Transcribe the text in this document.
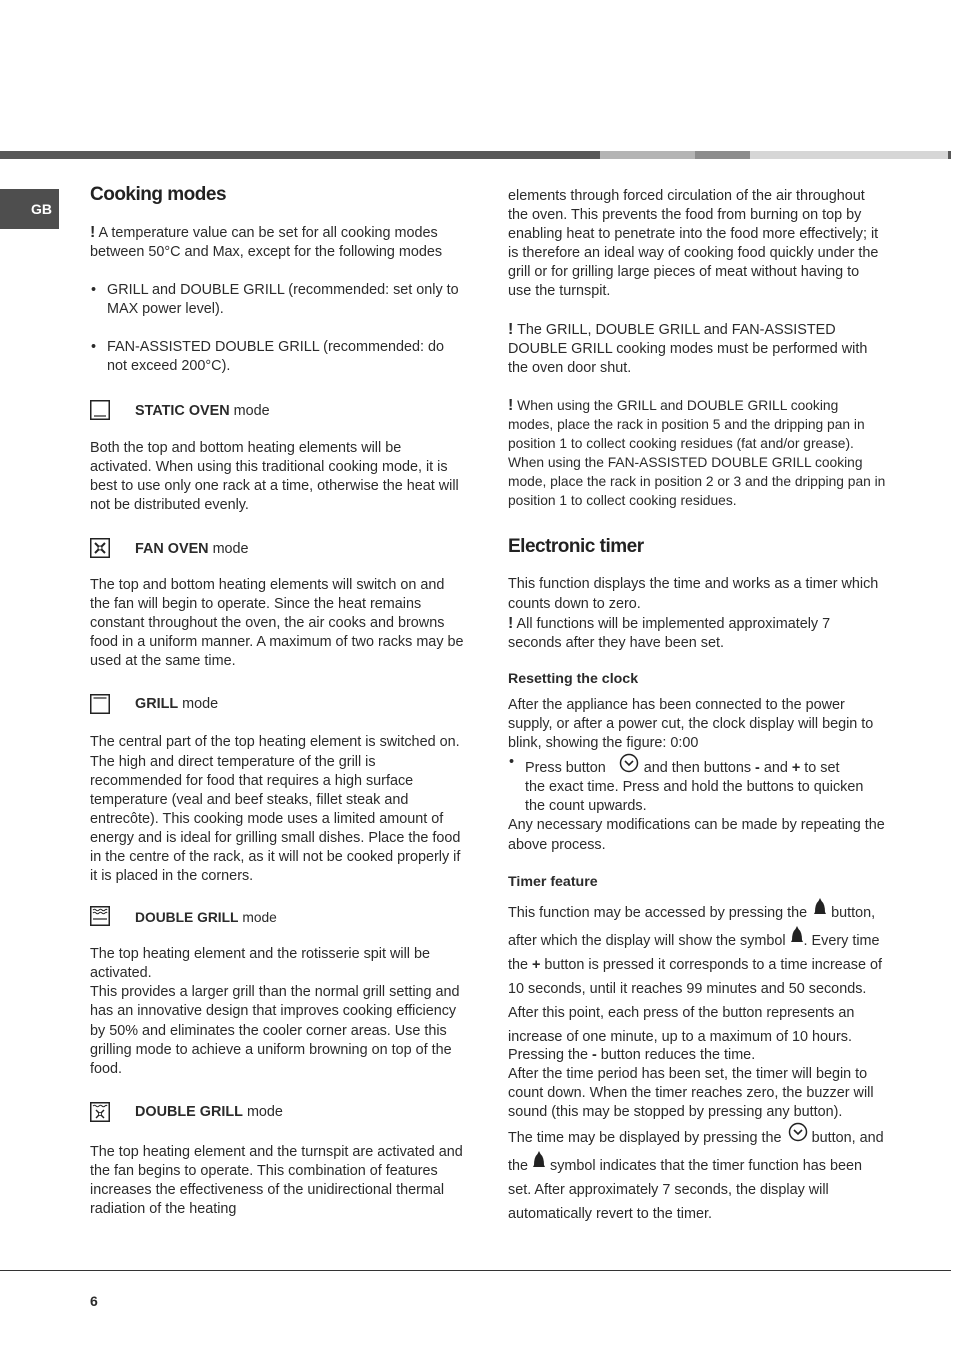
GB
Cooking modes

! A temperature value can be set for all cooking modes between 50°C and Max, except for the following modes

• GRILL and DOUBLE GRILL (recommended: set only to MAX power level).
• FAN-ASSISTED DOUBLE GRILL (recommended: do not exceed 200°C).
STATIC OVEN mode

Both the top and bottom heating elements will be activated. When using this traditional cooking mode, it is best to use only one rack at a time, otherwise the heat will not be distributed evenly.

FAN OVEN mode

The top and bottom heating elements will switch on and the fan will begin to operate. Since the heat remains constant throughout the oven, the air cooks and browns food in a uniform manner. A maximum of two racks may be used at the same time.

GRILL mode

The central part of the top heating element is switched on. The high and direct temperature of the grill is recommended for food that requires a high surface temperature (veal and beef steaks, fillet steak and entrecôte). This cooking mode uses a limited amount of energy and is ideal for grilling small dishes. Place the food in the centre of the rack, as it will not be cooked properly if it is placed in the corners.

DOUBLE GRILL mode

The top heating element and the rotisserie spit will be activated.

This provides a larger grill than the normal grill setting and has an innovative design that improves cooking efficiency by 50% and eliminates the cooler corner areas. Use this grilling mode to achieve a uniform browning on top of the food.

DOUBLE GRILL mode

The top heating element and the turnspit are activated and the fan begins to operate. This combination of features increases the effectiveness of the unidirectional thermal radiation of the heating

elements through forced circulation of the air throughout the oven. This prevents the food from burning on top by enabling heat to penetrate into the food more effectively; it is therefore an ideal way of cooking food quickly under the grill or for grilling large pieces of meat without having to use the turnspit.

! The GRILL, DOUBLE GRILL and FAN-ASSISTED DOUBLE GRILL cooking modes must be performed with the oven door shut.

! When using the GRILL and DOUBLE GRILL cooking modes, place the rack in position 5 and the dripping pan in position 1 to collect cooking residues (fat and/or grease). When using the FAN-ASSISTED DOUBLE GRILL cooking mode, place the rack in position 2 or 3 and the dripping pan in position 1 to collect cooking residues.

Electronic timer

This function displays the time and works as a timer which counts down to zero.

! All functions will be implemented approximately 7 seconds after they have been set.

Resetting the clock

After the appliance has been connected to the power supply, or after a power cut, the clock display will begin to blink, showing the figure: 0:00

• Press button	and then buttons - and + to set
the exact time. Press and hold the buttons to quicken the count upwards.

Any necessary modifications can be made by repeating the above process.

Timer feature

This function may be accessed by pressing the button, after which the display will show the symbol . Every time the + button is pressed it corresponds to a time increase of 10 seconds, until it reaches 99 minutes and 50 seconds. After this point, each press of the button represents an increase of one minute, up to a maximum of 10 hours.

Pressing the - button reduces the time.

After the time period has been set, the timer will begin to count down. When the timer reaches zero, the buzzer will sound (this may be stopped by pressing any button).

The time may be displayed by pressing the button, and the symbol indicates that the timer function has been set. After approximately 7 seconds, the display will automatically revert to the timer.

6
